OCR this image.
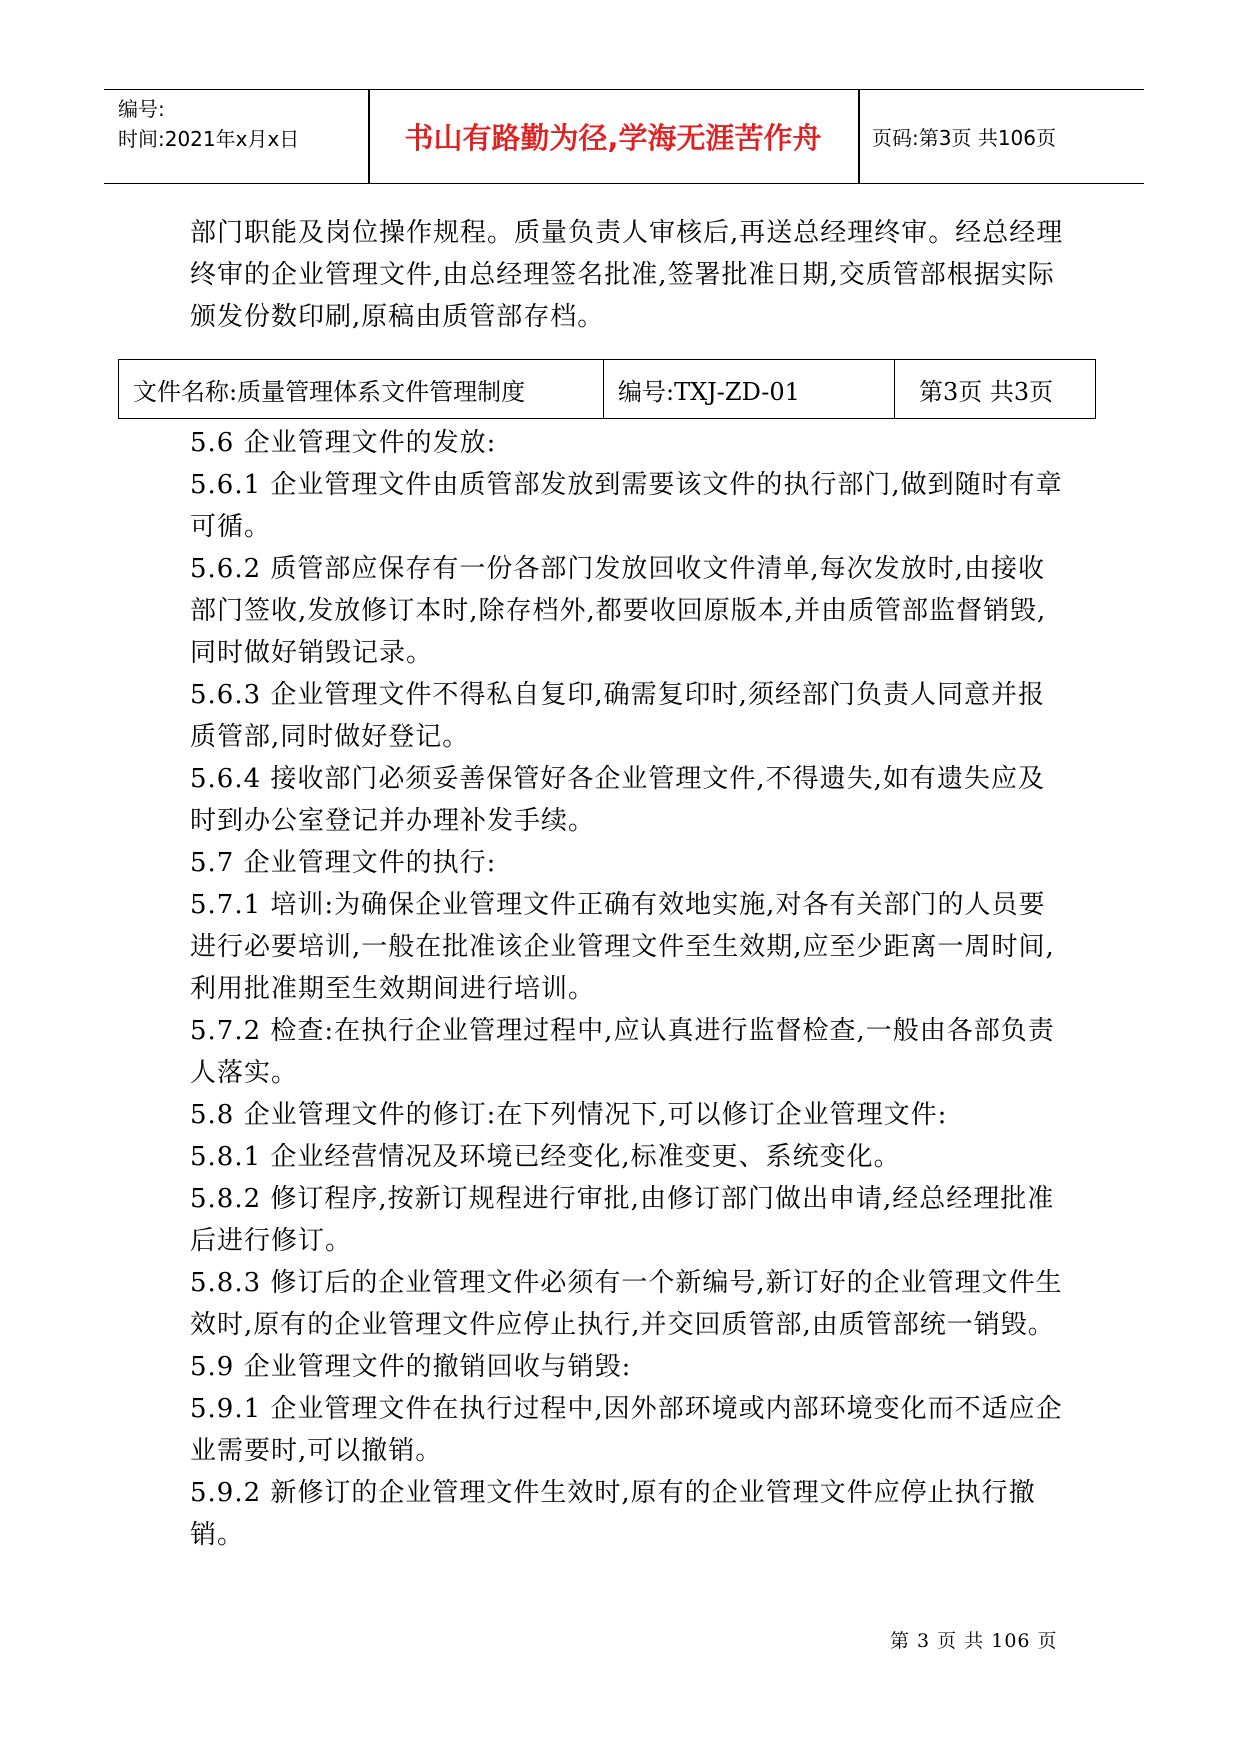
编号:
时间:2021年x月x日	书山有路勤为径,学海无涯苦作舟	页码:第3页 共106页
部门职能及岗位操作规程。质量负责人审核后,再送总经理终审。经总经理终审的企业管理文件,由总经理签名批准,签署批准日期,交质管部根据实际颁发份数印刷,原稿由质管部存档。
文件名称:质量管理体系文件管理制度	编号:TXJ-ZD-01	第3页 共3页

5.6 企业管理文件的发放:

5.6.1 企业管理文件由质管部发放到需要该文件的执行部门,做到随时有章可循。

5.6.2 质管部应保存有一份各部门发放回收文件清单,每次发放时,由接收部门签收,发放修订本时,除存档外,都要收回原版本,并由质管部监督销毁,同时做好销毁记录。

5.6.3 企业管理文件不得私自复印,确需复印时,须经部门负责人同意并报质管部,同时做好登记。

5.6.4 接收部门必须妥善保管好各企业管理文件,不得遗失,如有遗失应及时到办公室登记并办理补发手续。

5.7 企业管理文件的执行:

5.7.1 培训:为确保企业管理文件正确有效地实施,对各有关部门的人员要进行必要培训,一般在批准该企业管理文件至生效期,应至少距离一周时间,利用批准期至生效期间进行培训。

5.7.2 检查:在执行企业管理过程中,应认真进行监督检查,一般由各部负责人落实。

5.8 企业管理文件的修订:在下列情况下,可以修订企业管理文件:

5.8.1 企业经营情况及环境已经变化,标准变更、系统变化。

5.8.2 修订程序,按新订规程进行审批,由修订部门做出申请,经总经理批准后进行修订。

5.8.3 修订后的企业管理文件必须有一个新编号,新订好的企业管理文件生效时,原有的企业管理文件应停止执行,并交回质管部,由质管部统一销毁。

5.9 企业管理文件的撤销回收与销毁:

5.9.1 企业管理文件在执行过程中,因外部环境或内部环境变化而不适应企业需要时,可以撤销。

5.9.2 新修订的企业管理文件生效时,原有的企业管理文件应停止执行撤销。

第 3 页 共 106 页
